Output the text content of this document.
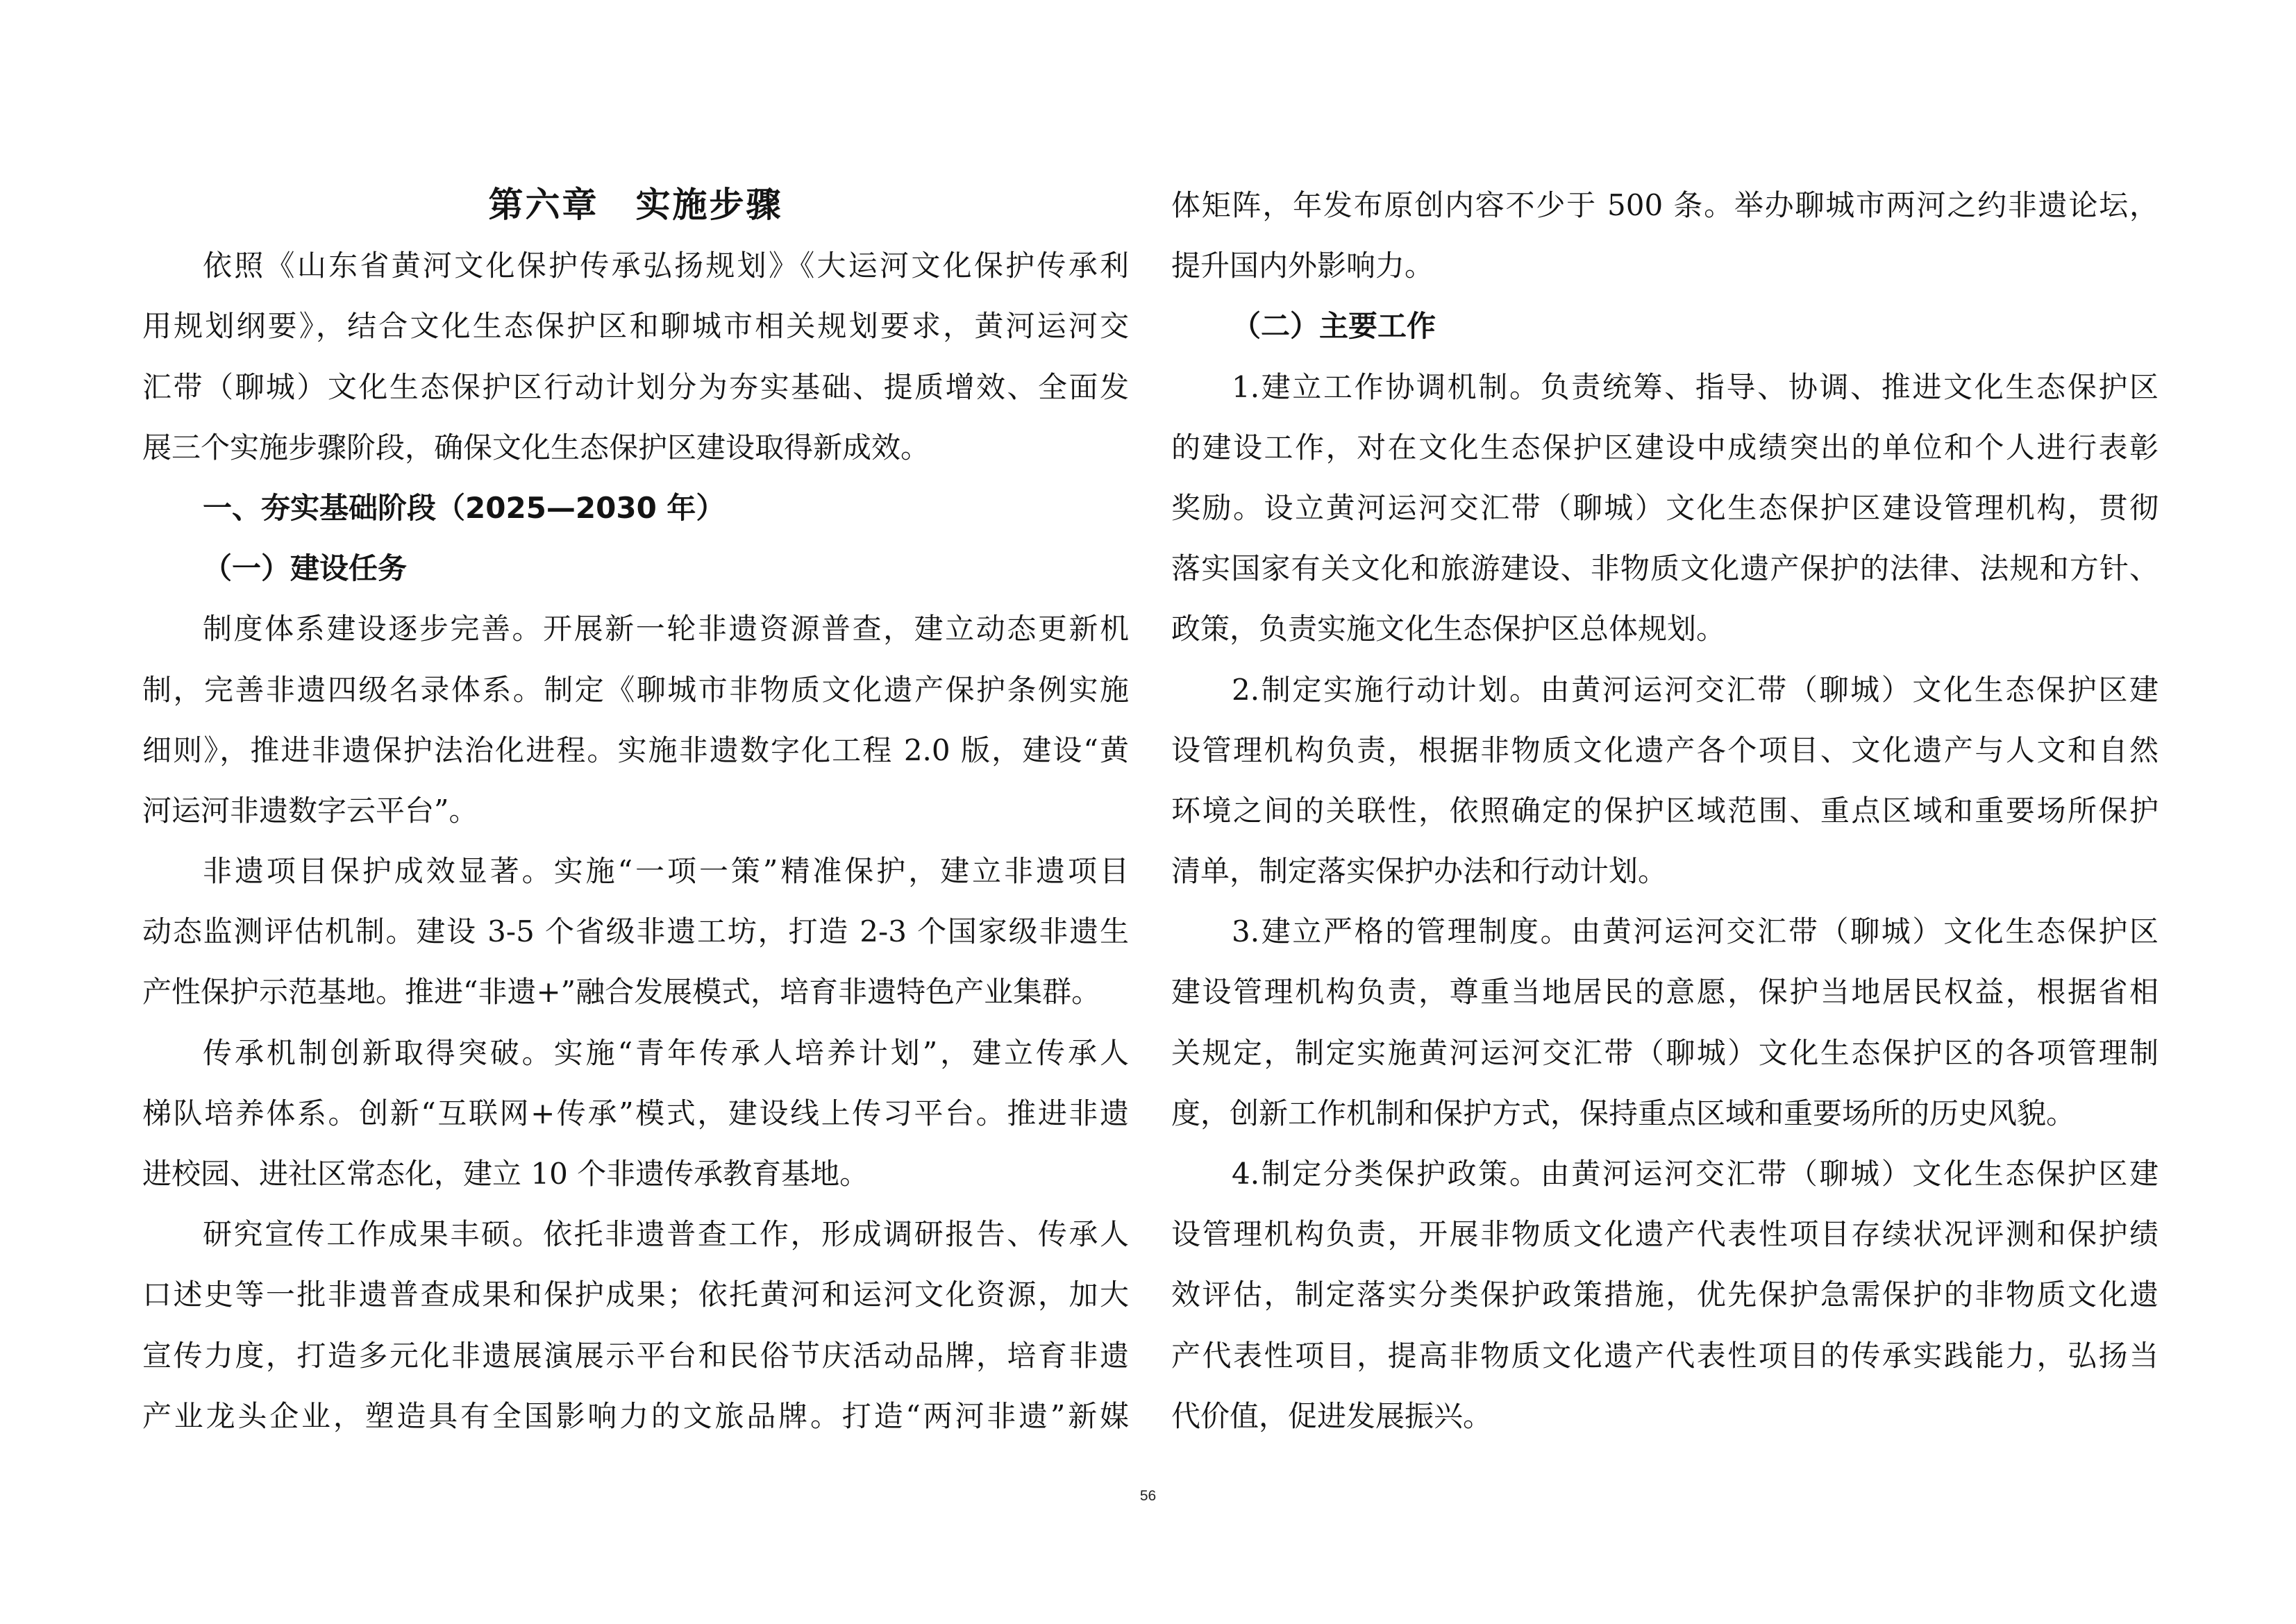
第六章　实施步骤
依照《山东省黄河文化保护传承弘扬规划》《大运河文化保护传承利
用规划纲要》，结合文化生态保护区和聊城市相关规划要求，黄河运河交
汇带（聊城）文化生态保护区行动计划分为夯实基础、提质增效、全面发
展三个实施步骤阶段，确保文化生态保护区建设取得新成效。
一、夯实基础阶段（2025—2030 年）
（一）建设任务
制度体系建设逐步完善。开展新一轮非遗资源普查，建立动态更新机
制，完善非遗四级名录体系。制定《聊城市非物质文化遗产保护条例实施
细则》，推进非遗保护法治化进程。实施非遗数字化工程 2.0 版，建设“黄
河运河非遗数字云平台”。
非遗项目保护成效显著。实施“一项一策”精准保护，建立非遗项目
动态监测评估机制。建设 3-5 个省级非遗工坊，打造 2-3 个国家级非遗生
产性保护示范基地。推进“非遗+”融合发展模式，培育非遗特色产业集群。
传承机制创新取得突破。实施“青年传承人培养计划”，建立传承人
梯队培养体系。创新“互联网+传承”模式，建设线上传习平台。推进非遗
进校园、进社区常态化，建立 10 个非遗传承教育基地。
研究宣传工作成果丰硕。依托非遗普查工作，形成调研报告、传承人
口述史等一批非遗普查成果和保护成果；依托黄河和运河文化资源，加大
宣传力度，打造多元化非遗展演展示平台和民俗节庆活动品牌，培育非遗
产业龙头企业，塑造具有全国影响力的文旅品牌。打造“两河非遗”新媒
体矩阵，年发布原创内容不少于 500 条。举办聊城市两河之约非遗论坛，
提升国内外影响力。
（二）主要工作
1.建立工作协调机制。负责统筹、指导、协调、推进文化生态保护区
的建设工作，对在文化生态保护区建设中成绩突出的单位和个人进行表彰
奖励。设立黄河运河交汇带（聊城）文化生态保护区建设管理机构，贯彻
落实国家有关文化和旅游建设、非物质文化遗产保护的法律、法规和方针、
政策，负责实施文化生态保护区总体规划。
2.制定实施行动计划。由黄河运河交汇带（聊城）文化生态保护区建
设管理机构负责，根据非物质文化遗产各个项目、文化遗产与人文和自然
环境之间的关联性，依照确定的保护区域范围、重点区域和重要场所保护
清单，制定落实保护办法和行动计划。
3.建立严格的管理制度。由黄河运河交汇带（聊城）文化生态保护区
建设管理机构负责，尊重当地居民的意愿，保护当地居民权益，根据省相
关规定，制定实施黄河运河交汇带（聊城）文化生态保护区的各项管理制
度，创新工作机制和保护方式，保持重点区域和重要场所的历史风貌。
4.制定分类保护政策。由黄河运河交汇带（聊城）文化生态保护区建
设管理机构负责，开展非物质文化遗产代表性项目存续状况评测和保护绩
效评估，制定落实分类保护政策措施，优先保护急需保护的非物质文化遗
产代表性项目，提高非物质文化遗产代表性项目的传承实践能力，弘扬当
代价值，促进发展振兴。
56
